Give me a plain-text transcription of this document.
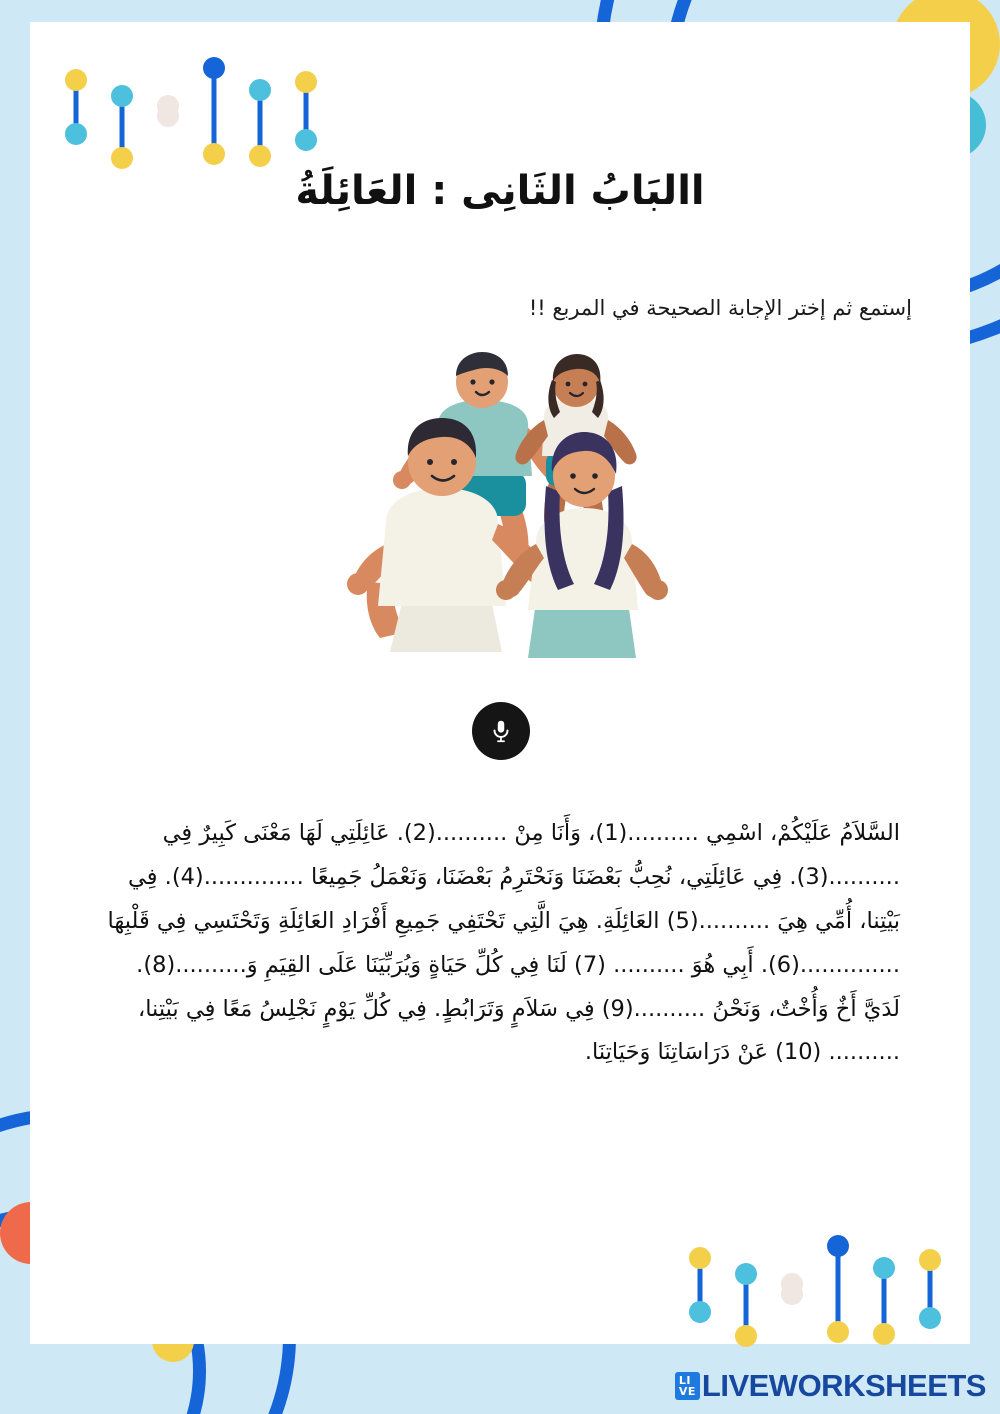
االبَابُ الثَانِى : العَائِلَةُ
إستمع ثم إختر الإجابة الصحيحة في المربع !!
السَّلاَمُ عَلَيْكُمْ، اسْمِي ..........(1)، وَأَنَا مِنْ ..........(2). عَائِلَتِي لَهَا مَعْنَى كَبِيرٌ فِي ..........(3). فِي عَائِلَتِي، نُحِبُّ بَعْضَنَا وَنَحْتَرِمُ بَعْضَنَا، وَنَعْمَلُ جَمِيعًا ..............(4). فِي بَيْتِنا، أُمِّي هِيَ ..........(5) العَائِلَةِ. هِيَ الَّتِي تَحْتَفِي جَمِيعِ أَفْرَادِ العَائِلَةِ وَتَحْتَسِي فِي قَلْبِهَا ..............(6). أَبِي هُوَ .......... (7) لَنَا فِي كُلِّ حَيَاةٍ وَيُرَبِّيَنَا عَلَى القِيَمِ وَ..........(8). لَدَيَّ أَخٌ وَأُخْتٌ، وَنَحْنُ ..........(9) فِي سَلاَمٍ وَتَرَابُطٍ. فِي كُلِّ يَوْمٍ نَجْلِسُ مَعًا فِي بَيْتِنا، .......... (10) عَنْ دَرَاسَاتِنَا وَحَيَاتِنَا.
LI
VE LIVEWORKSHEETS
